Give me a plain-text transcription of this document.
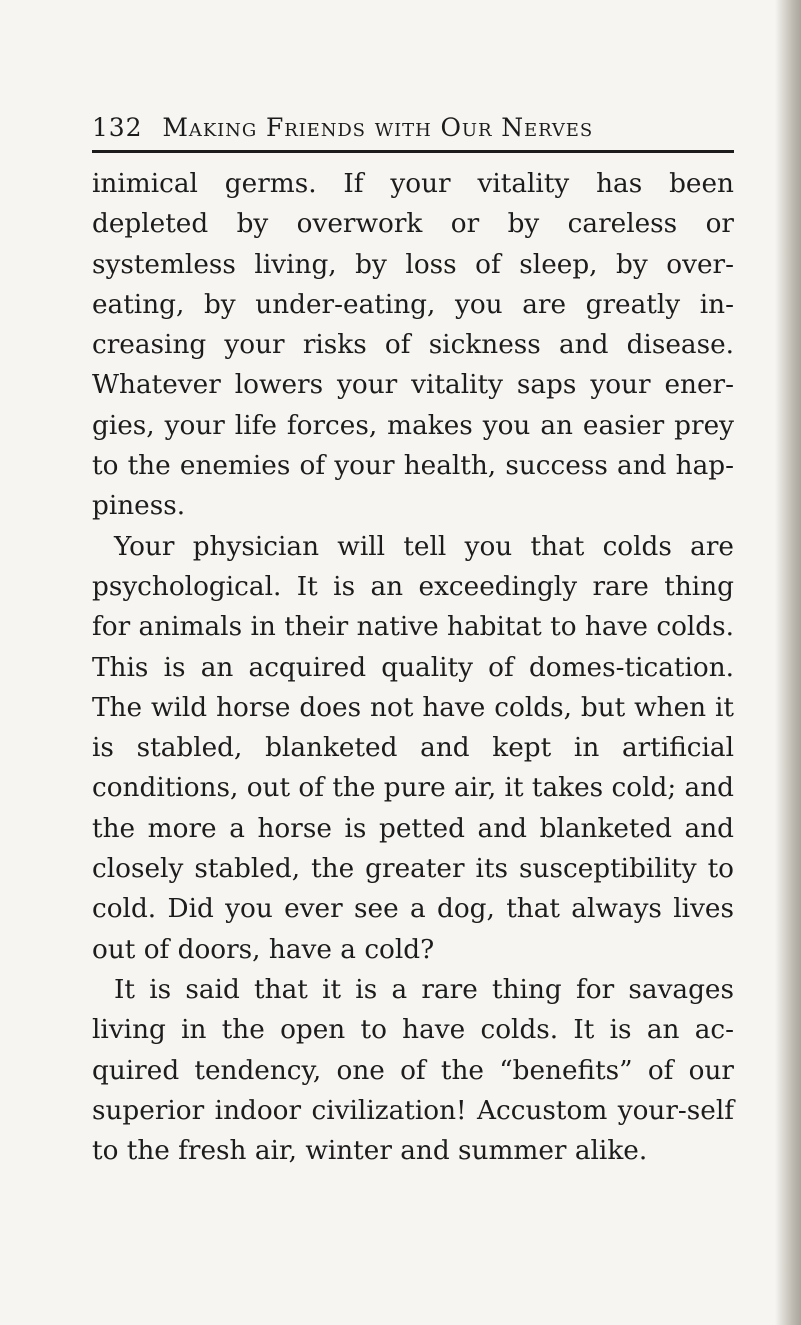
132 Making Friends with Our Nerves

inimical germs. If your vitality has been depleted by overwork or by careless or systemless living, by loss of sleep, by over-eating, by under-eating, you are greatly in-creasing your risks of sickness and disease. Whatever lowers your vitality saps your ener-gies, your life forces, makes you an easier prey to the enemies of your health, success and hap-piness.

Your physician will tell you that colds are psychological. It is an exceedingly rare thing for animals in their native habitat to have colds. This is an acquired quality of domes-tication. The wild horse does not have colds, but when it is stabled, blanketed and kept in artificial conditions, out of the pure air, it takes cold; and the more a horse is petted and blanketed and closely stabled, the greater its susceptibility to cold. Did you ever see a dog, that always lives out of doors, have a cold?

It is said that it is a rare thing for savages living in the open to have colds. It is an ac-quired tendency, one of the “benefits” of our superior indoor civilization! Accustom your-self to the fresh air, winter and summer alike.
